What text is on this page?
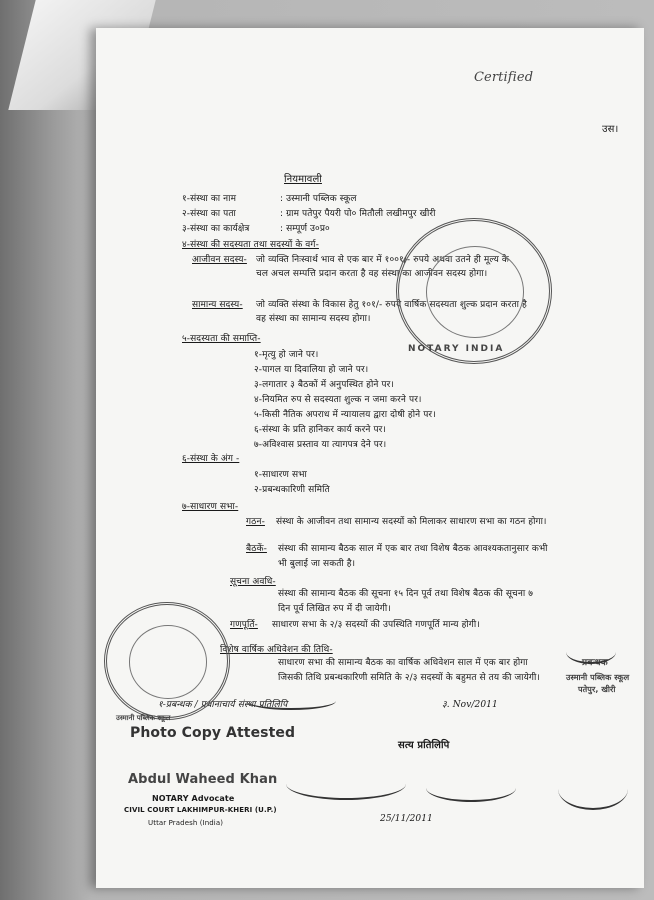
Certified
उस।
नियमावली
१-संस्था का नाम	: उस्मानी पब्लिक स्कूल
२-संस्था का पता	: ग्राम पतेपुर पैयरी पो० मितौली लखीमपुर खीरी
३-संस्था का कार्यक्षेत्र	: सम्पूर्ण उ०प्र०
४-संस्था की सदस्यता तथा सदस्यों के वर्ग-
आजीवन सदस्य- जो व्यक्ति निःस्वार्थ भाव से एक बार में १००१/- रुपये अथवा उतने ही मूल्य के
चल अचल सम्पत्ति प्रदान करता है वह संस्था का आजीवन सदस्य होगा।
सामान्य सदस्य- जो व्यक्ति संस्था के विकास हेतु १०१/- रुपये वार्षिक सदस्यता शुल्क प्रदान करता है
वह संस्था का सामान्य सदस्य होगा।
५-सदस्यता की समाप्ति-
१-मृत्यु हो जाने पर।
२-पागल या दिवालिया हो जाने पर।
३-लगातार ३ बैठकों में अनुपस्थित होने पर।
४-नियमित रुप से सदस्यता शुल्क न जमा करने पर।
५-किसी नैतिक अपराध में न्यायालय द्वारा दोषी होने पर।
६-संस्था के प्रति हानिकर कार्य करने पर।
७-अविश्वास प्रस्ताव या त्यागपत्र देने पर।
६-संस्था के अंग -
१-साधारण सभा
२-प्रबन्धकारिणी समिति
७-साधारण सभा-
गठन- संस्था के आजीवन तथा सामान्य सदस्यों को मिलाकर साधारण सभा का गठन होगा।
बैठकें- संस्था की सामान्य बैठक साल में एक बार तथा विशेष बैठक आवश्यकतानुसार कभी
भी बुलाई जा सकती है।
सूचना अवधि-
संस्था की सामान्य बैठक की सूचना १५ दिन पूर्व तथा विशेष बैठक की सूचना ७
दिन पूर्व लिखित रुप में दी जायेगी।
गणपूर्ति- साधारण सभा के २/३ सदस्यों की उपस्थिति गणपूर्ति मान्य होगी।
विशेष वार्षिक अधिवेशन की तिथि-
साधारण सभा की सामान्य बैठक का वार्षिक अधिवेशन साल में एक बार होगा
जिसकी तिथि प्रबन्धकारिणी समिति के २/३ सदस्यों के बहुमत से तय की जायेगी।
१-प्रबन्धक / प्रधानाचार्य संस्था प्रतिलिपि	३. Nov/2011
Photo Copy Attested
सत्य प्रतिलिपि
Abdul Waheed Khan
NOTARY Advocate
CIVIL COURT LAKHIMPUR-KHERI (U.P.)
Uttar Pradesh (India)	25/11/2011
प्रबन्धक
उस्मानी पब्लिक स्कूल
पतेपुर, खीरी
NOTARY INDIA
उस्मानी पब्लिक स्कूल
